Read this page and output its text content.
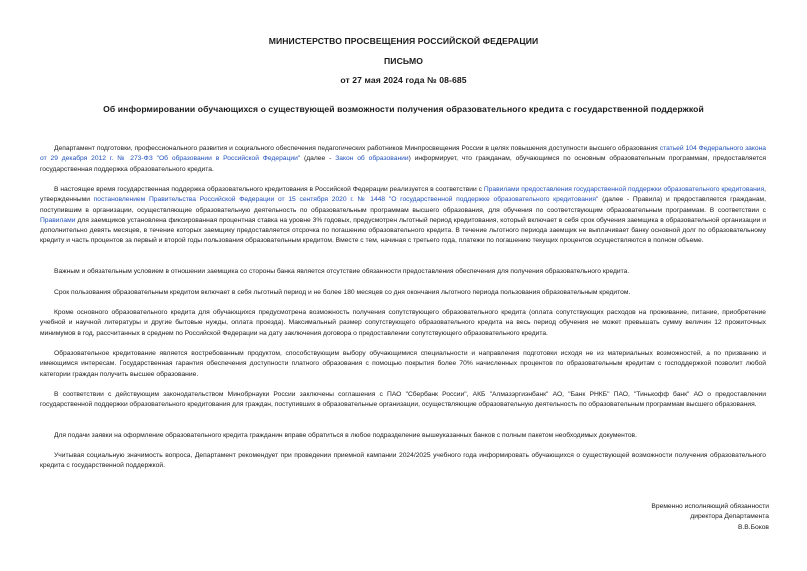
МИНИСТЕРСТВО ПРОСВЕЩЕНИЯ РОССИЙСКОЙ ФЕДЕРАЦИИ
ПИСЬМО
от 27 мая 2024 года № 08-685
Об информировании обучающихся о существующей возможности получения образовательного кредита с государственной поддержкой

Департамент подготовки, профессионального развития и социального обеспечения педагогических работников Минпросвещения России в целях повышения доступности высшего образования статьей 104 Федерального закона от 29 декабря 2012 г. № 273-ФЗ "Об образовании в Российской Федерации" (далее - Закон об образовании) информирует, что гражданам, обучающимся по основным образовательным программам, предоставляется государственная поддержка образовательного кредита.

В настоящее время государственная поддержка образовательного кредитования в Российской Федерации реализуется в соответствии с Правилами предоставления государственной поддержки образовательного кредитования, утвержденными постановлением Правительства Российской Федерации от 15 сентября 2020 г. № 1448 "О государственной поддержке образовательного кредитования" (далее - Правила) и предоставляется гражданам, поступившим в организации, осуществляющие образовательную деятельность по образовательным программам высшего образования, для обучения по соответствующим образовательным программам. В соответствии с Правилами для заемщиков установлена фиксированная процентная ставка на уровне 3% годовых, предусмотрен льготный период кредитования, который включает в себя срок обучения заемщика в образовательной организации и дополнительно девять месяцев, в течение которых заемщику предоставляется отсрочка по погашению образовательного кредита. В течение льготного периода заемщик не выплачивает банку основной долг по образовательному кредиту и часть процентов за первый и второй годы пользования образовательным кредитом. Вместе с тем, начиная с третьего года, платежи по погашению текущих процентов осуществляются в полном объеме.

Важным и обязательным условием в отношении заемщика со стороны банка является отсутствие обязанности предоставления обеспечения для получения образовательного кредита.

Срок пользования образовательным кредитом включает в себя льготный период и не более 180 месяцев со дня окончания льготного периода пользования образовательным кредитом.

Кроме основного образовательного кредита для обучающихся предусмотрена возможность получения сопутствующего образовательного кредита (оплата сопутствующих расходов на проживание, питание, приобретение учебной и научной литературы и другие бытовые нужды, оплата проезда). Максимальный размер сопутствующего образовательного кредита на весь период обучения не может превышать сумму величин 12 прожиточных минимумов в год, рассчитанных в среднем по Российской Федерации на дату заключения договора о предоставлении сопутствующего образовательного кредита.

Образовательное кредитование является востребованным продуктом, способствующим выбору обучающимися специальности и направления подготовки исходя не из материальных возможностей, а по призванию и имеющимся интересам. Государственная гарантия обеспечения доступности платного образования с помощью покрытия более 70% начисленных процентов по образовательным кредитам с господдержкой позволит любой категории граждан получить высшее образование.

В соответствии с действующим законодательством Минобрнауки России заключены соглашения с ПАО "Сбербанк России", АКБ "Алмазэргиэнбанк" АО, "Банк РНКБ" ПАО, "Тинькофф банк" АО о предоставлении государственной поддержки образовательного кредитования для граждан, поступивших в образовательные организации, осуществляющие образовательную деятельность по образовательным программам высшего образования.

Для подачи заявки на оформление образовательного кредита гражданин вправе обратиться в любое подразделение вышеуказанных банков с полным пакетом необходимых документов.

Учитывая социальную значимость вопроса, Департамент рекомендует при проведении приемной кампании 2024/2025 учебного года информировать обучающихся о существующей возможности получения образовательного кредита с государственной поддержкой.

Временно исполняющий обязанности
директора Департамента
В.В.Боков
